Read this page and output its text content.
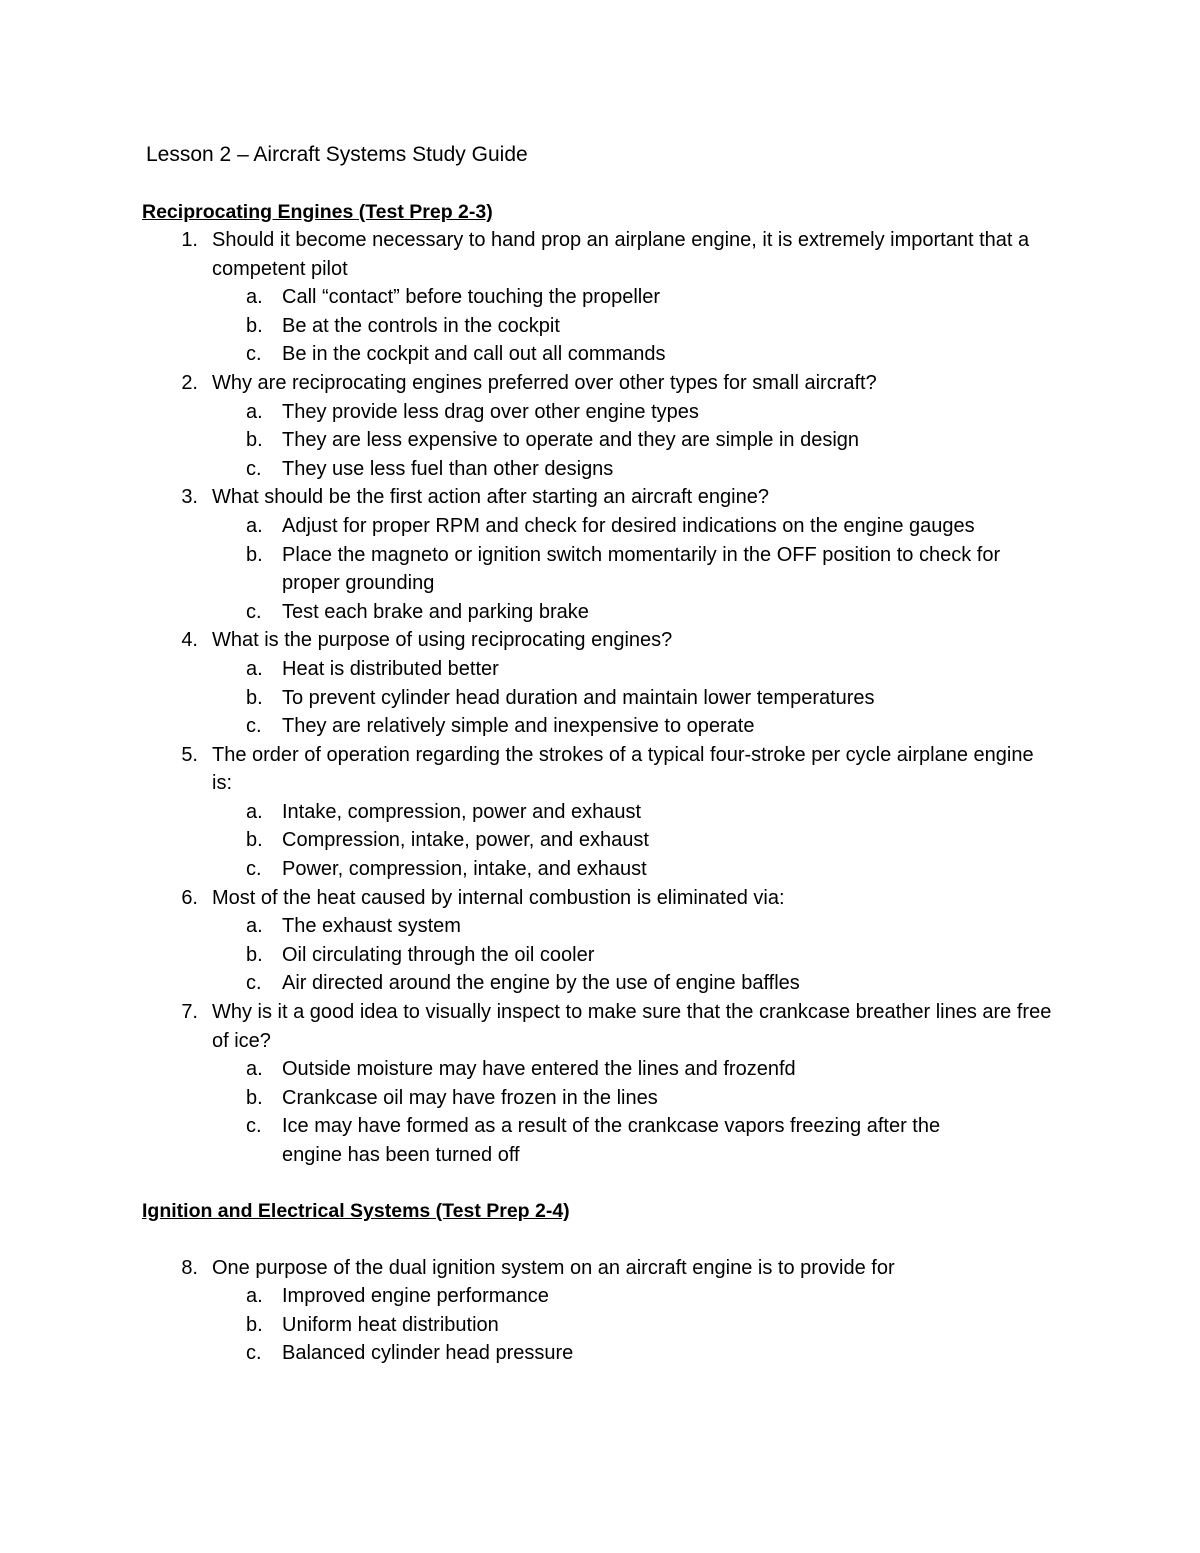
Lesson 2 – Aircraft Systems Study Guide
Reciprocating Engines (Test Prep 2-3)
1. Should it become necessary to hand prop an airplane engine, it is extremely important that a competent pilot
a. Call “contact” before touching the propeller
b. Be at the controls in the cockpit
c. Be in the cockpit and call out all commands
2. Why are reciprocating engines preferred over other types for small aircraft?
a. They provide less drag over other engine types
b. They are less expensive to operate and they are simple in design
c. They use less fuel than other designs
3. What should be the first action after starting an aircraft engine?
a. Adjust for proper RPM and check for desired indications on the engine gauges
b. Place the magneto or ignition switch momentarily in the OFF position to check for proper grounding
c. Test each brake and parking brake
4. What is the purpose of using reciprocating engines?
a. Heat is distributed better
b. To prevent cylinder head duration and maintain lower temperatures
c. They are relatively simple and inexpensive to operate
5. The order of operation regarding the strokes of a typical four-stroke per cycle airplane engine is:
a. Intake, compression, power and exhaust
b. Compression, intake, power, and exhaust
c. Power, compression, intake, and exhaust
6. Most of the heat caused by internal combustion is eliminated via:
a. The exhaust system
b. Oil circulating through the oil cooler
c. Air directed around the engine by the use of engine baffles
7. Why is it a good idea to visually inspect to make sure that the crankcase breather lines are free of ice?
a. Outside moisture may have entered the lines and frozenfd
b. Crankcase oil may have frozen in the lines
c. Ice may have formed as a result of the crankcase vapors freezing after the engine has been turned off
Ignition and Electrical Systems (Test Prep 2-4)
8. One purpose of the dual ignition system on an aircraft engine is to provide for
a. Improved engine performance
b. Uniform heat distribution
c. Balanced cylinder head pressure
